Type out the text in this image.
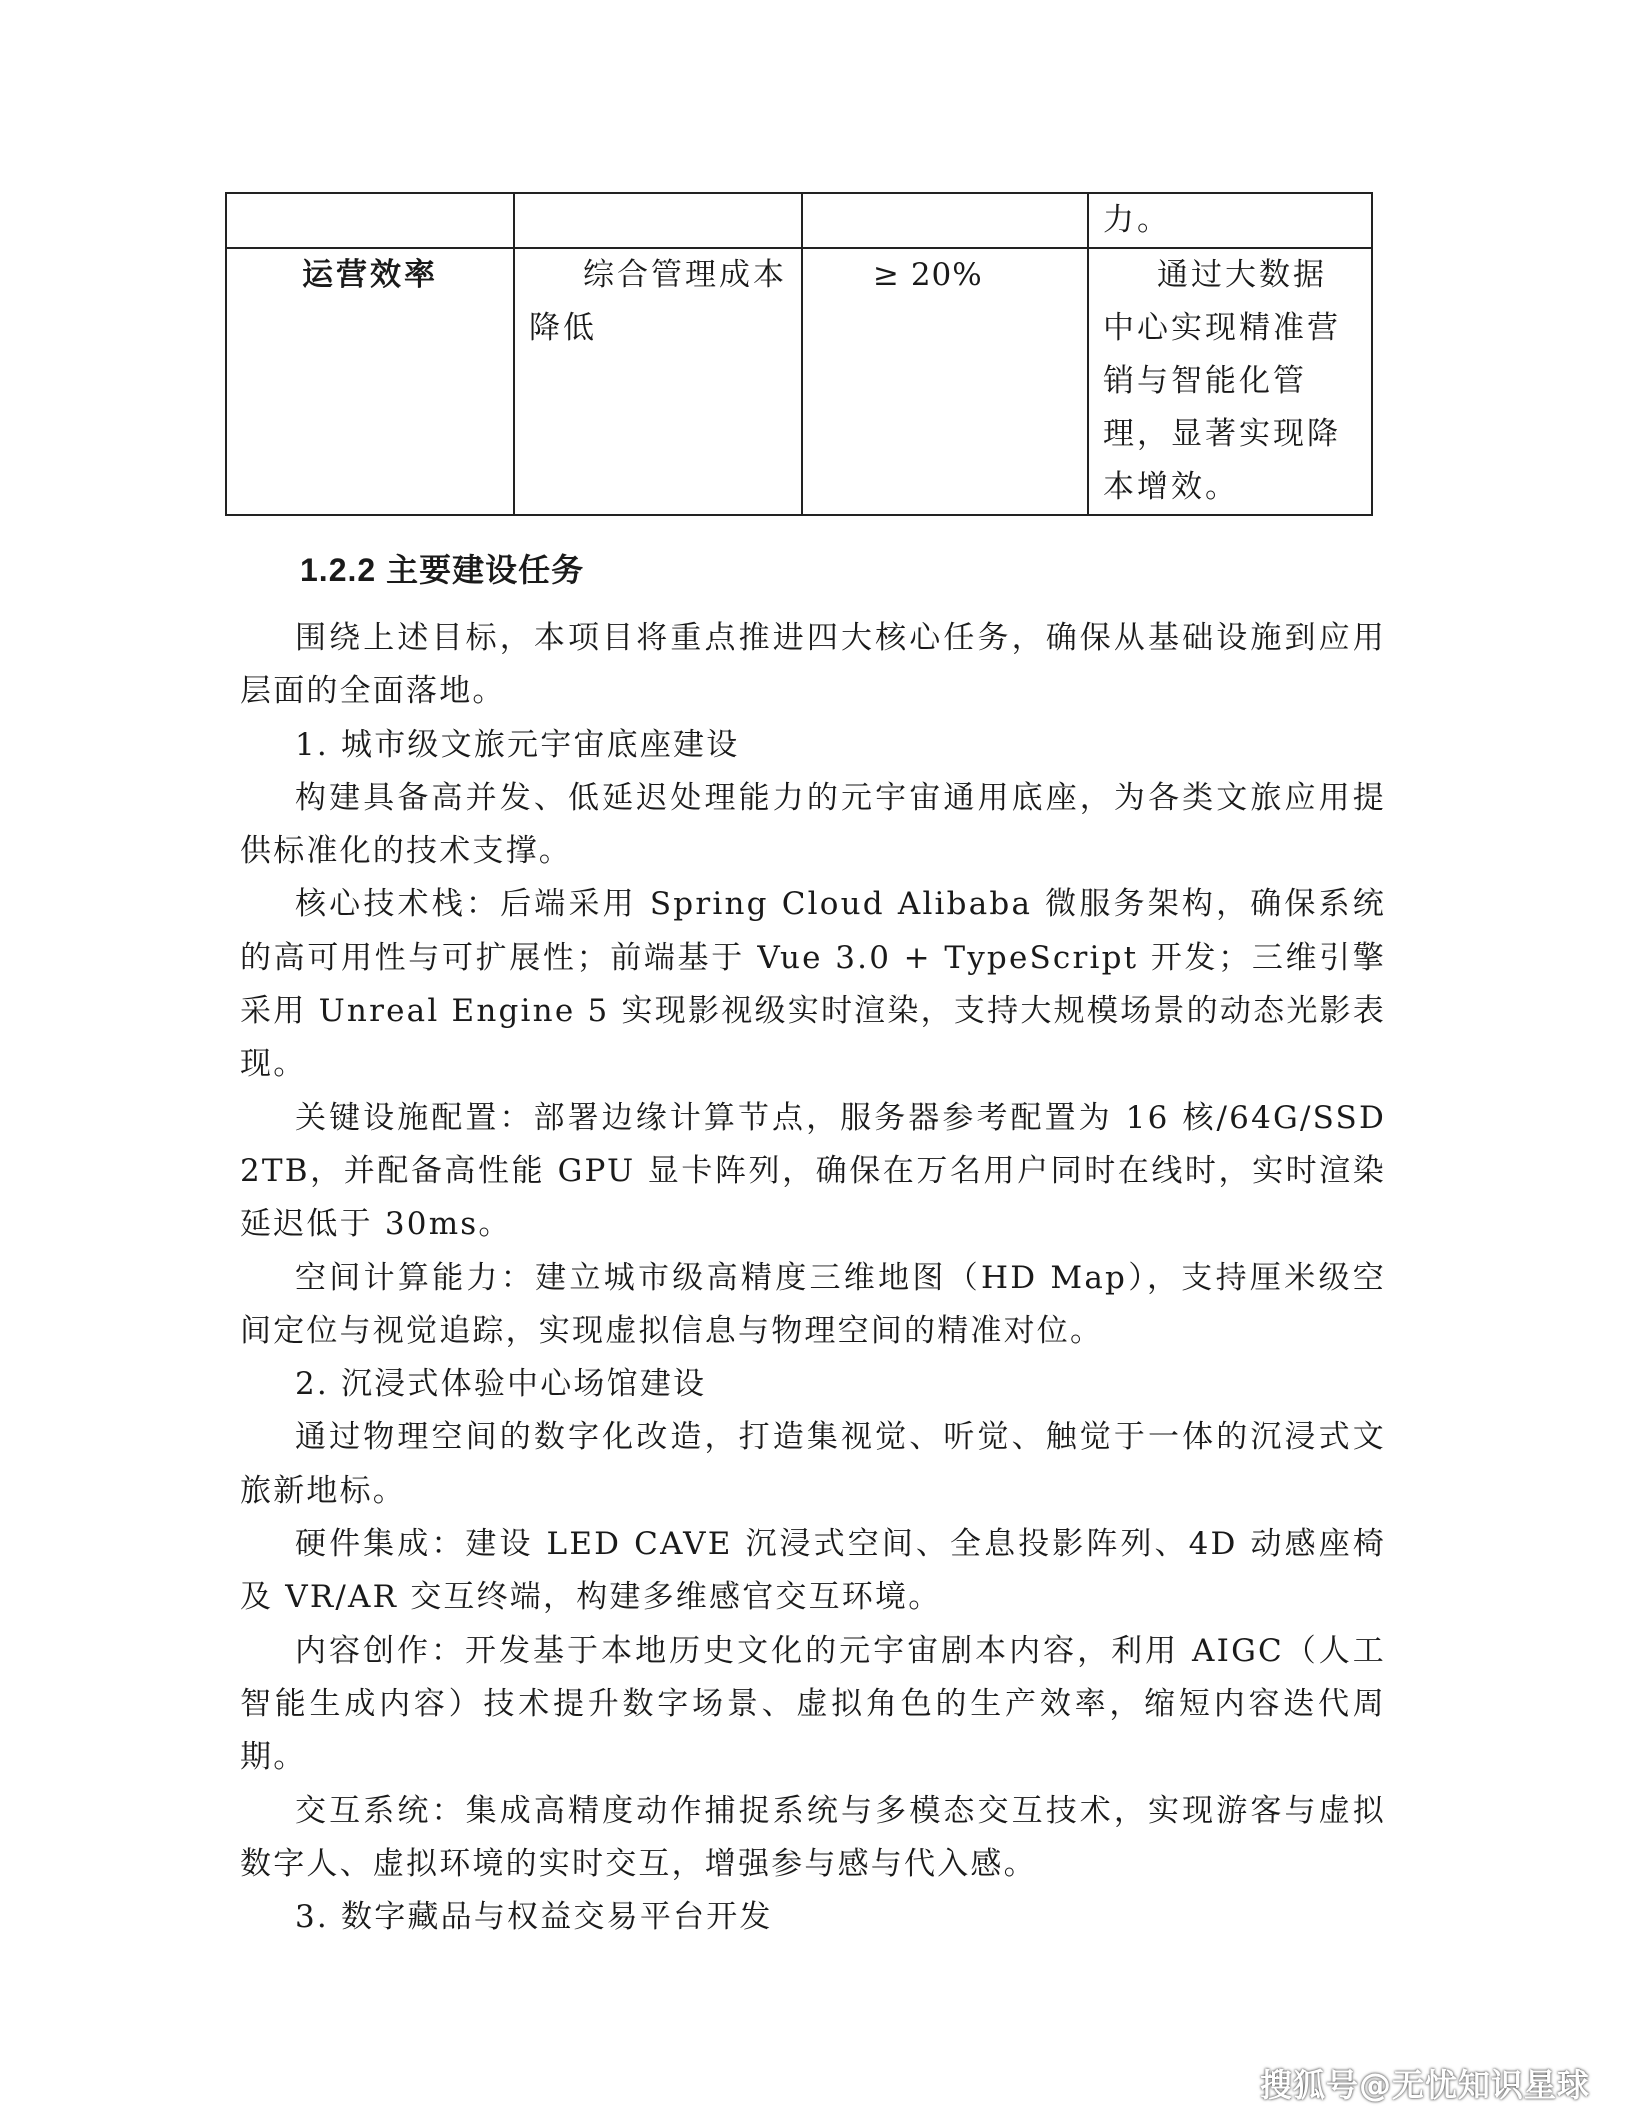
			力。
运营效率	综合管理成本降低	≥ 20%	通过大数据中心实现精准营销与智能化管理，显著实现降本增效。
1.2.2 主要建设任务

围绕上述目标，本项目将重点推进四大核心任务，确保从基础设施到应用层面的全面落地。

1. 城市级文旅元宇宙底座建设

构建具备高并发、低延迟处理能力的元宇宙通用底座，为各类文旅应用提供标准化的技术支撑。

核心技术栈：后端采用 Spring Cloud Alibaba 微服务架构，确保系统的高可用性与可扩展性；前端基于 Vue 3.0 + TypeScript 开发；三维引擎采用 Unreal Engine 5 实现影视级实时渲染，支持大规模场景的动态光影表现。

关键设施配置：部署边缘计算节点，服务器参考配置为 16 核/64G/SSD 2TB，并配备高性能 GPU 显卡阵列，确保在万名用户同时在线时，实时渲染延迟低于 30ms。

空间计算能力：建立城市级高精度三维地图（HD Map），支持厘米级空间定位与视觉追踪，实现虚拟信息与物理空间的精准对位。

2. 沉浸式体验中心场馆建设

通过物理空间的数字化改造，打造集视觉、听觉、触觉于一体的沉浸式文旅新地标。

硬件集成：建设 LED CAVE 沉浸式空间、全息投影阵列、4D 动感座椅及 VR/AR 交互终端，构建多维感官交互环境。

内容创作：开发基于本地历史文化的元宇宙剧本内容，利用 AIGC（人工智能生成内容）技术提升数字场景、虚拟角色的生产效率，缩短内容迭代周期。

交互系统：集成高精度动作捕捉系统与多模态交互技术，实现游客与虚拟数字人、虚拟环境的实时交互，增强参与感与代入感。

3. 数字藏品与权益交易平台开发

搜狐号@无忧知识星球
